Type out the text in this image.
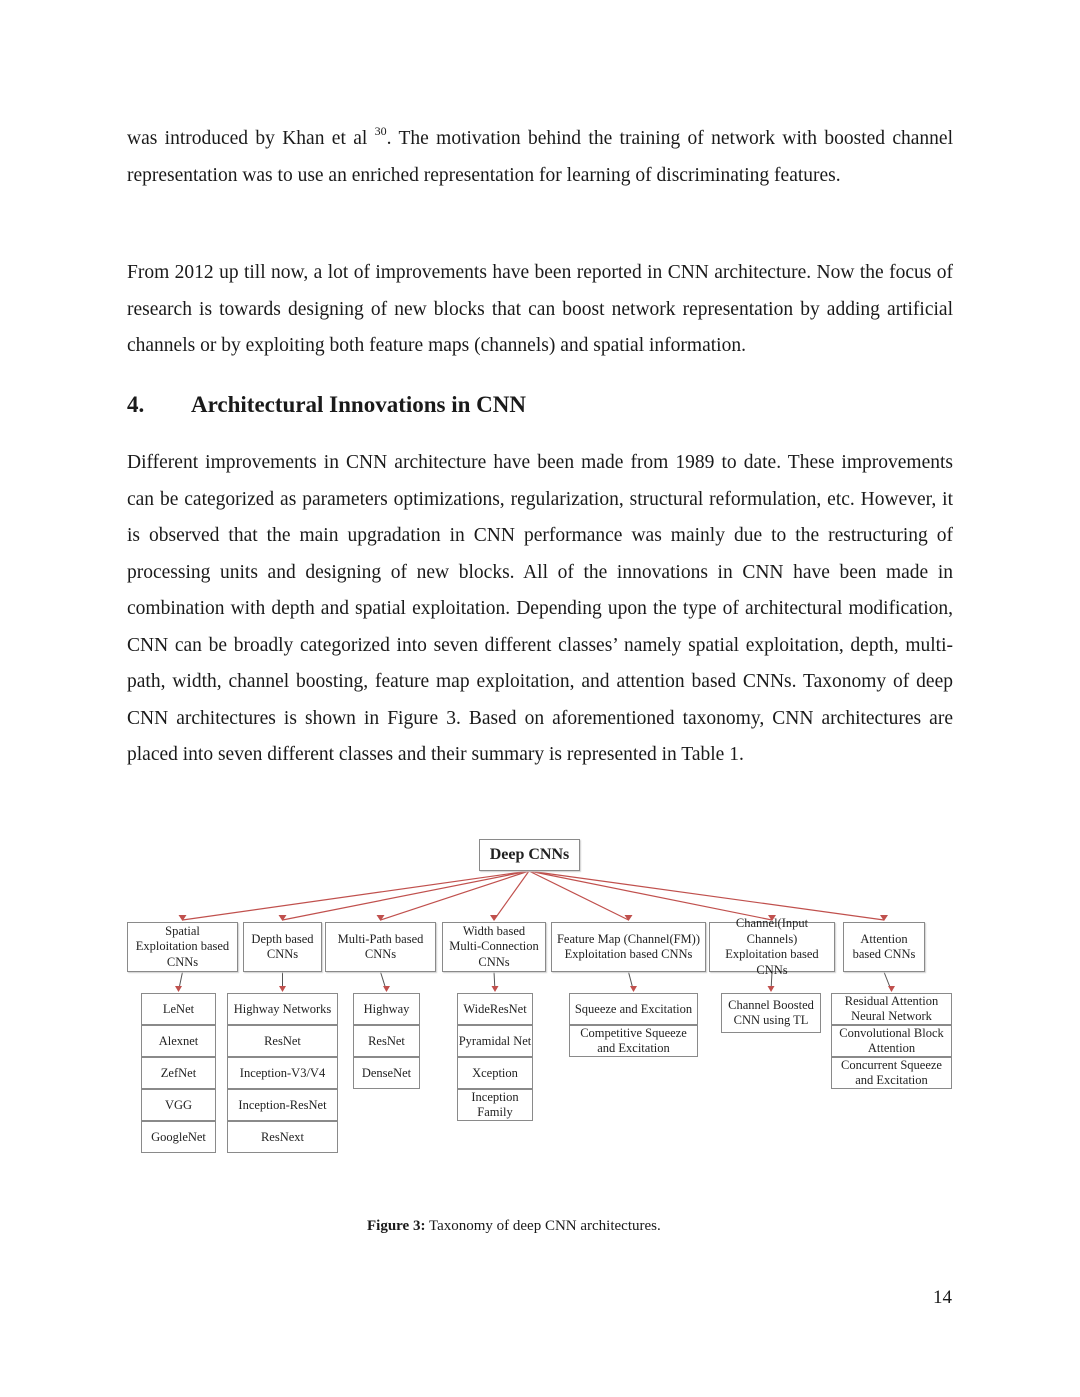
was introduced by Khan et al $^{30}$. The motivation behind the training of network with boosted channel representation was to use an enriched representation for learning of discriminating features.

From 2012 up till now, a lot of improvements have been reported in CNN architecture. Now the focus of research is towards designing of new blocks that can boost network representation by adding artificial channels or by exploiting both feature maps (channels) and spatial information.

4. Architectural Innovations in CNN

Different improvements in CNN architecture have been made from 1989 to date. These improvements can be categorized as parameters optimizations, regularization, structural reformulation, etc. However, it is observed that the main upgradation in CNN performance was mainly due to the restructuring of processing units and designing of new blocks. All of the innovations in CNN have been made in combination with depth and spatial exploitation. Depending upon the type of architectural modification, CNN can be broadly categorized into seven different classes’ namely spatial exploitation, depth, multi-path, width, channel boosting, feature map exploitation, and attention based CNNs. Taxonomy of deep CNN architectures is shown in Figure 3. Based on aforementioned taxonomy, CNN architectures are placed into seven different classes and their summary is represented in Table 1.

Deep CNNs
Spatial
Exploitation based
CNNs
LeNet
Alexnet
ZefNet
VGG
GoogleNet
Depth based
CNNs
Highway Networks
ResNet
Inception-V3/V4
Inception-ResNet
ResNext
Multi-Path based
CNNs
Highway
ResNet
DenseNet
Width based
Multi-Connection
CNNs
WideResNet
Pyramidal Net
Xception
Inception Family
Feature Map (Channel(FM))
Exploitation based CNNs
Squeeze and Excitation
Competitive Squeeze and Excitation
Channel(Input Channels)
Exploitation based
CNNs
Channel Boosted CNN using TL
Attention
based CNNs
Residual Attention Neural Network
Convolutional Block Attention
Concurrent Squeeze and Excitation
Figure 3: Taxonomy of deep CNN architectures.
14
